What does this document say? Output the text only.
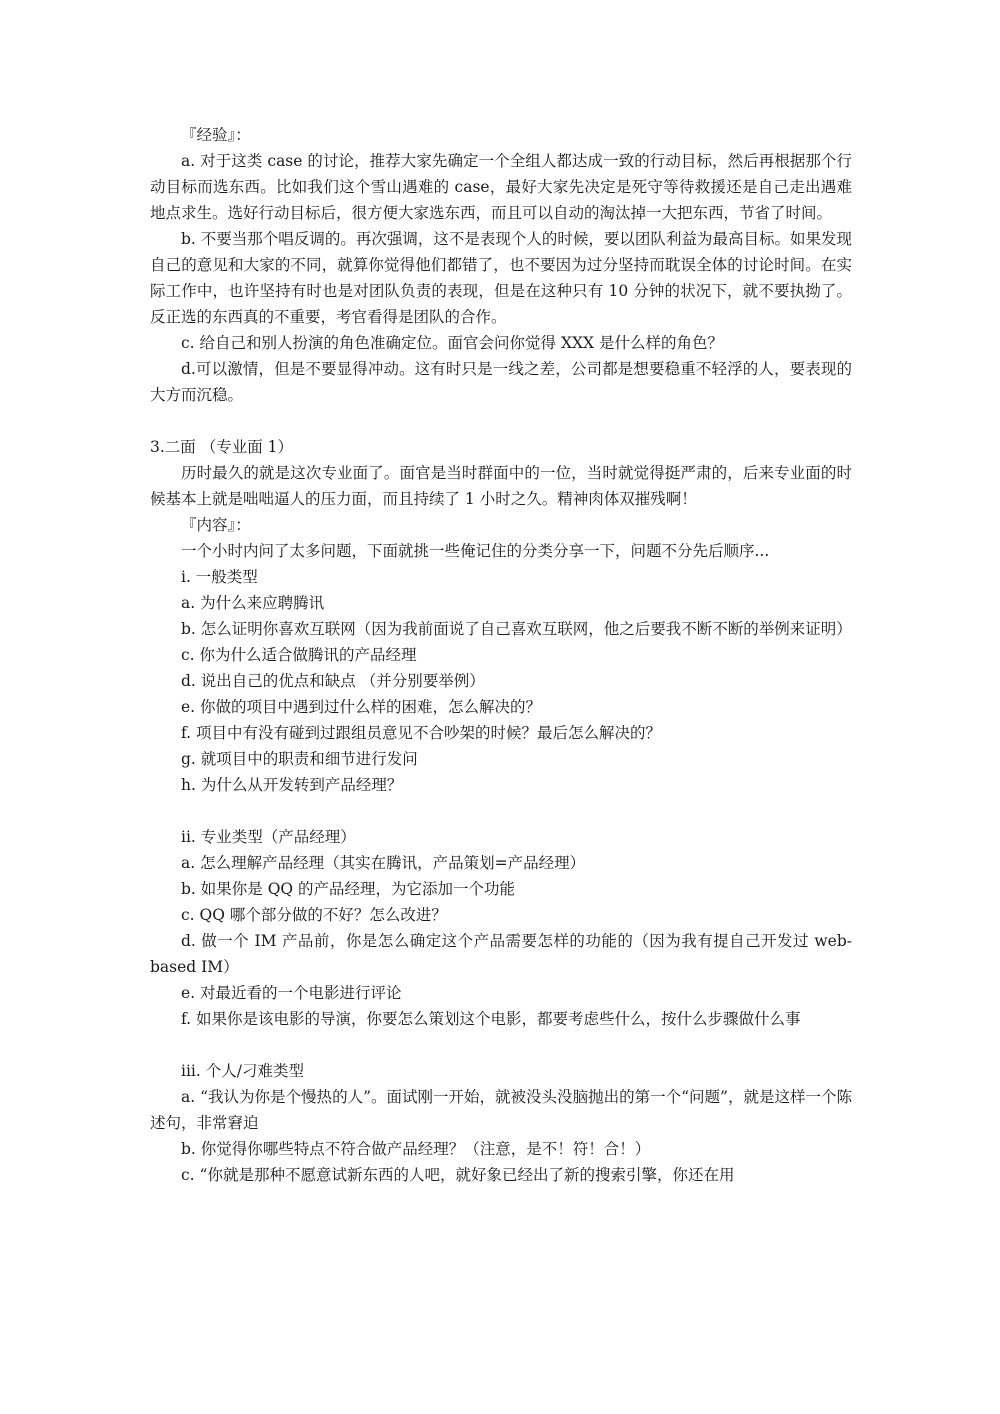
『经验』：

a. 对于这类 case 的讨论，推荐大家先确定一个全组人都达成一致的行动目标，然后再根据那个行动目标而选东西。比如我们这个雪山遇难的 case，最好大家先决定是死守等待救援还是自己走出遇难地点求生。选好行动目标后，很方便大家选东西，而且可以自动的淘汰掉一大把东西，节省了时间。

b. 不要当那个唱反调的。再次强调，这不是表现个人的时候，要以团队利益为最高目标。如果发现自己的意见和大家的不同，就算你觉得他们都错了，也不要因为过分坚持而耽误全体的讨论时间。在实际工作中，也许坚持有时也是对团队负责的表现，但是在这种只有 10 分钟的状况下，就不要执拗了。反正选的东西真的不重要，考官看得是团队的合作。

c. 给自己和别人扮演的角色准确定位。面官会问你觉得 XXX 是什么样的角色？

d.可以激情，但是不要显得冲动。这有时只是一线之差，公司都是想要稳重不轻浮的人，要表现的大方而沉稳。

3.二面 （专业面 1）

历时最久的就是这次专业面了。面官是当时群面中的一位，当时就觉得挺严肃的，后来专业面的时候基本上就是咄咄逼人的压力面，而且持续了 1 小时之久。精神肉体双摧残啊！

『内容』：

一个小时内问了太多问题，下面就挑一些俺记住的分类分享一下，问题不分先后顺序...

i. 一般类型

a. 为什么来应聘腾讯

b. 怎么证明你喜欢互联网（因为我前面说了自己喜欢互联网，他之后要我不断不断的举例来证明）

c. 你为什么适合做腾讯的产品经理

d. 说出自己的优点和缺点 （并分别要举例）

e. 你做的项目中遇到过什么样的困难，怎么解决的？

f. 项目中有没有碰到过跟组员意见不合吵架的时候？最后怎么解决的？

g. 就项目中的职责和细节进行发问

h. 为什么从开发转到产品经理？

ii. 专业类型（产品经理）

a. 怎么理解产品经理（其实在腾讯，产品策划=产品经理）

b. 如果你是 QQ 的产品经理，为它添加一个功能

c. QQ 哪个部分做的不好？怎么改进？

d. 做一个 IM 产品前，你是怎么确定这个产品需要怎样的功能的（因为我有提自己开发过 web-based IM）

e. 对最近看的一个电影进行评论

f. 如果你是该电影的导演，你要怎么策划这个电影，都要考虑些什么，按什么步骤做什么事

iii. 个人/刁难类型

a. “我认为你是个慢热的人”。面试刚一开始，就被没头没脑抛出的第一个“问题”，就是这样一个陈述句，非常窘迫

b. 你觉得你哪些特点不符合做产品经理？（注意，是不！符！合！）

c. “你就是那种不愿意试新东西的人吧，就好象已经出了新的搜索引擎，你还在用
